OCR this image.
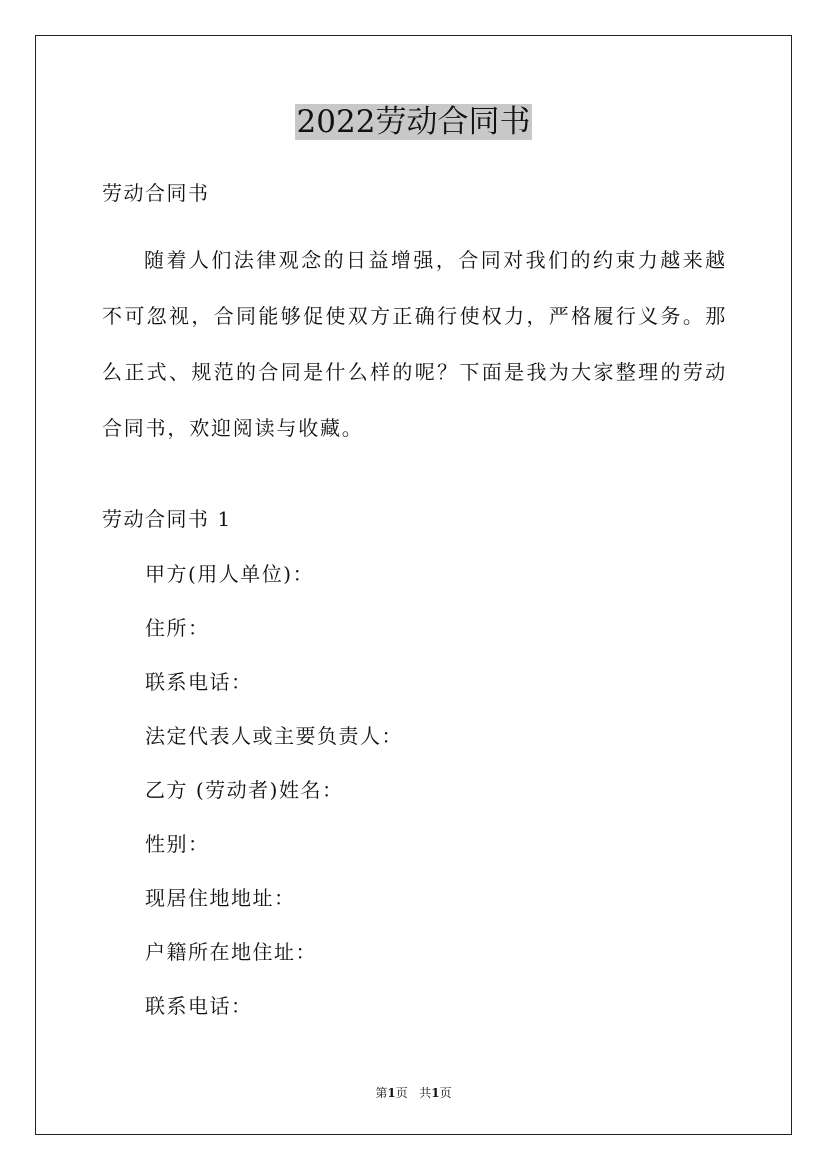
2022劳动合同书
劳动合同书
随着人们法律观念的日益增强，合同对我们的约束力越来越不可忽视，合同能够促使双方正确行使权力，严格履行义务。那么正式、规范的合同是什么样的呢？下面是我为大家整理的劳动合同书，欢迎阅读与收藏。
劳动合同书 1
甲方(用人单位)：
住所：
联系电话：
法定代表人或主要负责人：
乙方 (劳动者)姓名：
性别：
现居住地地址：
户籍所在地住址：
联系电话：
第1页 共1页
